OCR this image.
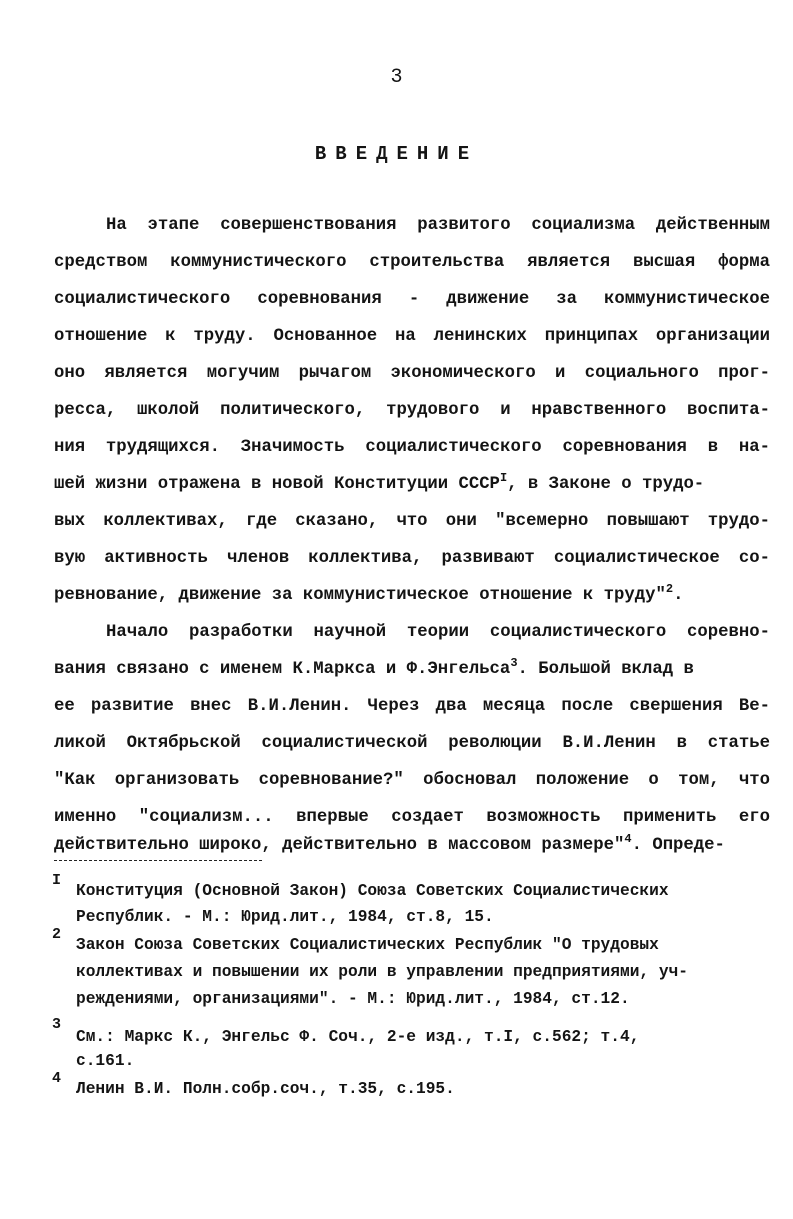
3
ВВЕДЕНИЕ
На этапе совершенствования развитого социализма действенным
средством коммунистического строительства является высшая форма
социалистического соревнования - движение за коммунистическое
отношение к труду. Основанное на ленинских принципах организации
оно является могучим рычагом экономического и социального прог-
ресса, школой политического, трудового и нравственного воспита-
ния трудящихся. Значимость социалистического соревнования в на-
шей жизни отражена в новой Конституции $СССР^I$, в Законе о трудо-
вых коллективах, где сказано, что они "всемерно повышают трудо-
вую активность членов коллектива, развивают социалистическое со-
ревнование, движение за коммунистическое отношение к труду"$^2$.
Начало разработки научной теории социалистического соревно-
вания связано с именем К.Маркса и Ф.Энгельса$^3$. Большой вклад в
ее развитие внес В.И.Ленин. Через два месяца после свершения Ве-
ликой Октябрьской социалистической революции В.И.Ленин в статье
"Как организовать соревнование?" обосновал положение о том, что
именно "социализм... впервые создает возможность применить его
действительно широко, действительно в массовом размере"$^4$. Опреде-
I
Конституция (Основной Закон) Союза Советских Социалистических
Республик. - М.: Юрид.лит., 1984, ст.8, 15.
2
Закон Союза Советских Социалистических Республик "О трудовых
коллективах и повышении их роли в управлении предприятиями, уч-
реждениями, организациями". - М.: Юрид.лит., 1984, ст.12.
3
См.: Маркс К., Энгельс Ф. Соч., 2-е изд., т.I, с.562; т.4,
с.161.
4
Ленин В.И. Полн.собр.соч., т.35, с.195.
